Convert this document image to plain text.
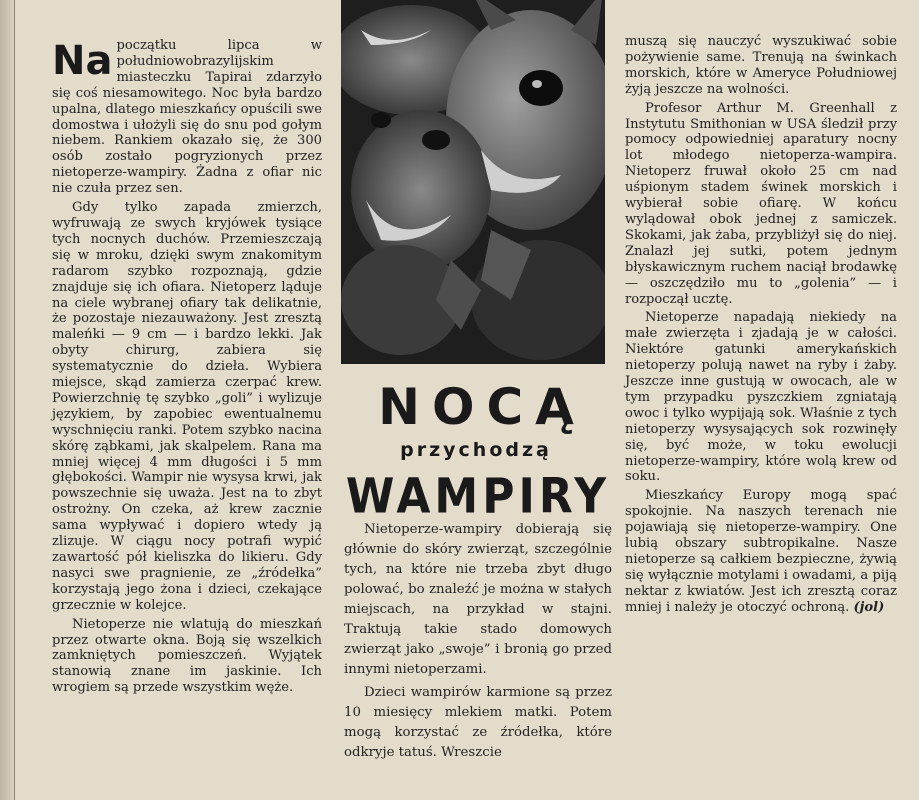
Na początku lipca w południowobrazylijskim miasteczku Tapirai zdarzyło się coś niesamowitego. Noc była bardzo upalna, dlatego mieszkańcy opuścili swe domostwa i ułożyli się do snu pod gołym niebem. Rankiem okazało się, że 300 osób zostało pogryzionych przez nietoperze-wampiry. Żadna z ofiar nic nie czuła przez sen.

Gdy tylko zapada zmierzch, wyfruwają ze swych kryjówek tysiące tych nocnych duchów. Przemieszczają się w mroku, dzięki swym znakomitym radarom szybko rozpoznają, gdzie znajduje się ich ofiara. Nietoperz ląduje na ciele wybranej ofiary tak delikatnie, że pozostaje niezauważony. Jest zresztą maleńki — 9 cm — i bardzo lekki. Jak obyty chirurg, zabiera się systematycznie do dzieła. Wybiera miejsce, skąd zamierza czerpać krew. Powierzchnię tę szybko „goli” i wylizuje językiem, by zapobiec ewentualnemu wyschnięciu ranki. Potem szybko nacina skórę ząbkami, jak skalpelem. Rana ma mniej więcej 4 mm długości i 5 mm głębokości. Wampir nie wysysa krwi, jak powszechnie się uważa. Jest na to zbyt ostrożny. On czeka, aż krew zacznie sama wypływać i dopiero wtedy ją zlizuje. W ciągu nocy potrafi wypić zawartość pół kieliszka do likieru. Gdy nasyci swe pragnienie, ze „źródełka” korzystają jego żona i dzieci, czekające grzecznie w kolejce.

Nietoperze nie wlatują do mieszkań przez otwarte okna. Boją się wszelkich zamkniętych pomieszczeń. Wyjątek stanowią znane im jaskinie. Ich wrogiem są przede wszystkim węże.

NOCĄ
przychodzą
WAMPIRY

Nietoperze-wampiry dobierają się głównie do skóry zwierząt, szczególnie tych, na które nie trzeba zbyt długo polować, bo znaleźć je można w stałych miejscach, na przykład w stajni. Traktują takie stado domowych zwierząt jako „swoje” i bronią go przed innymi nietoperzami.

Dzieci wampirów karmione są przez 10 miesięcy mlekiem matki. Potem mogą korzystać ze źródełka, które odkryje tatuś. Wreszcie

muszą się nauczyć wyszukiwać sobie pożywienie same. Trenują na świnkach morskich, które w Ameryce Południowej żyją jeszcze na wolności.

Profesor Arthur M. Greenhall z Instytutu Smithonian w USA śledził przy pomocy odpowiedniej aparatury nocny lot młodego nietoperza-wampira. Nietoperz fruwał około 25 cm nad uśpionym stadem świnek morskich i wybierał sobie ofiarę. W końcu wylądował obok jednej z samiczek. Skokami, jak żaba, przybliżył się do niej. Znalazł jej sutki, potem jednym błyskawicznym ruchem naciął brodawkę — oszczędziło mu to „golenia” — i rozpoczął ucztę.

Nietoperze napadają niekiedy na małe zwierzęta i zjadają je w całości. Niektóre gatunki amerykańskich nietoperzy polują nawet na ryby i żaby. Jeszcze inne gustują w owocach, ale w tym przypadku pyszczkiem zgniatają owoc i tylko wypijają sok. Właśnie z tych nietoperzy wysysających sok rozwinęły się, być może, w toku ewolucji nietoperze-wampiry, które wolą krew od soku.

Mieszkańcy Europy mogą spać spokojnie. Na naszych terenach nie pojawiają się nietoperze-wampiry. One lubią obszary subtropikalne. Nasze nietoperze są całkiem bezpieczne, żywią się wyłącznie motylami i owadami, a piją nektar z kwiatów. Jest ich zresztą coraz mniej i należy je otoczyć ochroną. (jol)
